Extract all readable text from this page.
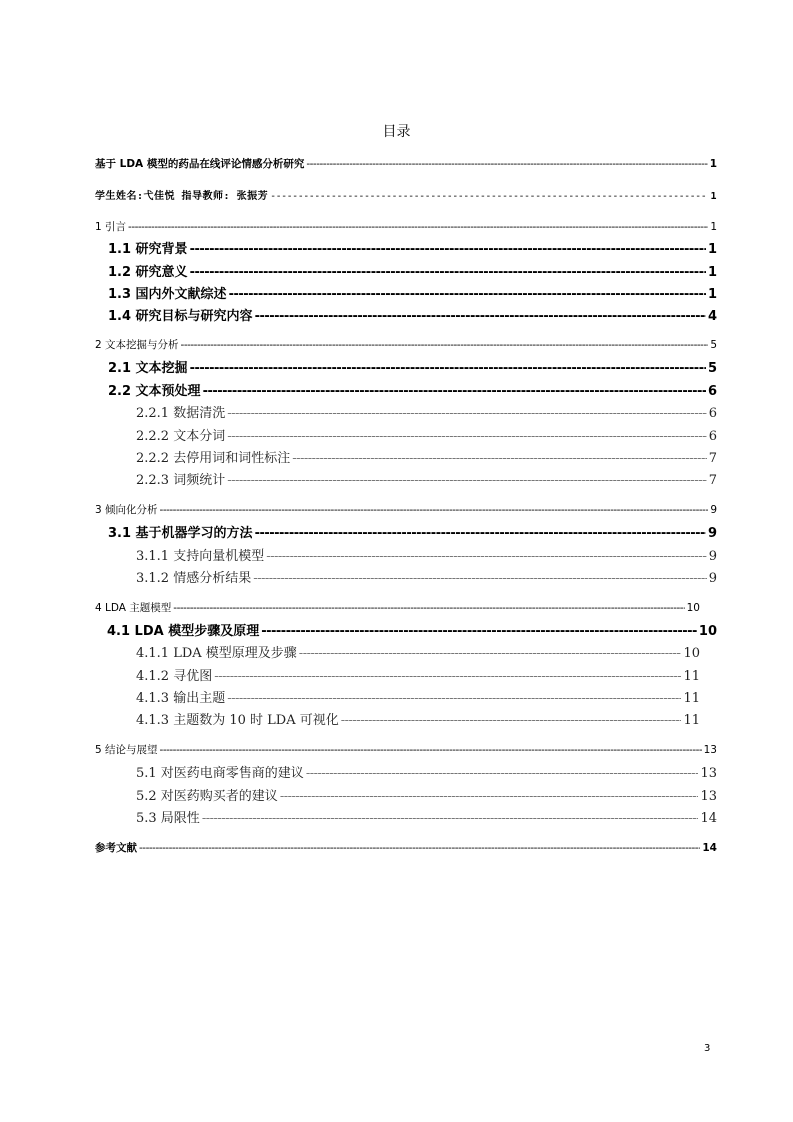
目录
基于 LDA 模型的药品在线评论情感分析研究 -----	1
学生姓名:弋佳悦 指导教师: 张振芳 -----	1
1 引言 -----	1
1.1 研究背景 -----	1
1.2 研究意义 -----	1
1.3 国内外文献综述 -----	1
1.4 研究目标与研究内容 -----	4
2 文本挖掘与分析 -----	5
2.1 文本挖掘 -----	5
2.2 文本预处理 -----	6
2.2.1 数据清洗 -----	6
2.2.2 文本分词 -----	6
2.2.2 去停用词和词性标注 -----	7
2.2.3 词频统计 -----	7
3 倾向化分析 -----	9
3.1 基于机器学习的方法 -----	9
3.1.1 支持向量机模型 -----	9
3.1.2 情感分析结果 -----	9
4 LDA 主题模型 -----	10
4.1 LDA 模型步骤及原理 -----	10
4.1.1 LDA 模型原理及步骤 -----	10
4.1.2 寻优图 -----	11
4.1.3 输出主题 -----	11
4.1.3 主题数为 10 时 LDA 可视化 -----	11
5 结论与展望 -----	13
5.1 对医药电商零售商的建议 -----	13
5.2 对医药购买者的建议 -----	13
5.3 局限性 -----	14
参考文献 -----	14
3
